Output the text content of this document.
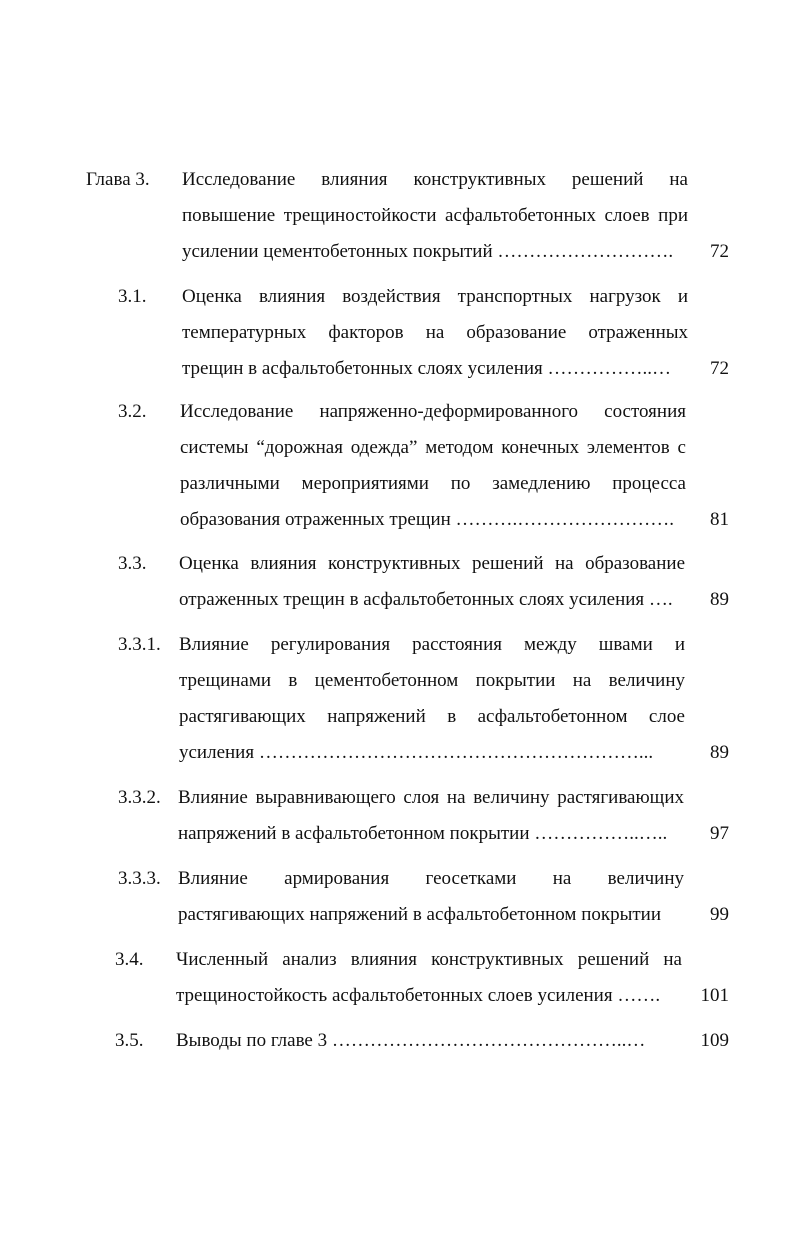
Глава 3. Исследование влияния конструктивных решений на
повышение трещиностойкости асфальтобетонных слоев при
усилении цементобетонных покрытий ……………………….	72
3.1. Оценка влияния воздействия транспортных нагрузок и
температурных факторов на образование отраженных
трещин в асфальтобетонных слоях усиления ……………..…	72
3.2. Исследование напряженно-деформированного состояния
системы “дорожная одежда” методом конечных элементов с
различными мероприятиями по замедлению процесса
образования отраженных трещин ……….…………………….	81
3.3. Оценка влияния конструктивных решений на образование
отраженных трещин в асфальтобетонных слоях усиления ….	89
3.3.1. Влияние регулирования расстояния между швами и
трещинами в цементобетонном покрытии на величину
растягивающих напряжений в асфальтобетонном слое
усиления ……………………………………………………...	89
3.3.2. Влияние выравнивающего слоя на величину растягивающих
напряжений в асфальтобетонном покрытии ……………..…..	97
3.3.3. Влияние армирования геосетками на величину
растягивающих напряжений в асфальтобетонном покрытии	99
3.4. Численный анализ влияния конструктивных решений на
трещиностойкость асфальтобетонных слоев усиления …….	101
3.5. Выводы по главе 3 ………………………………………..…	109
